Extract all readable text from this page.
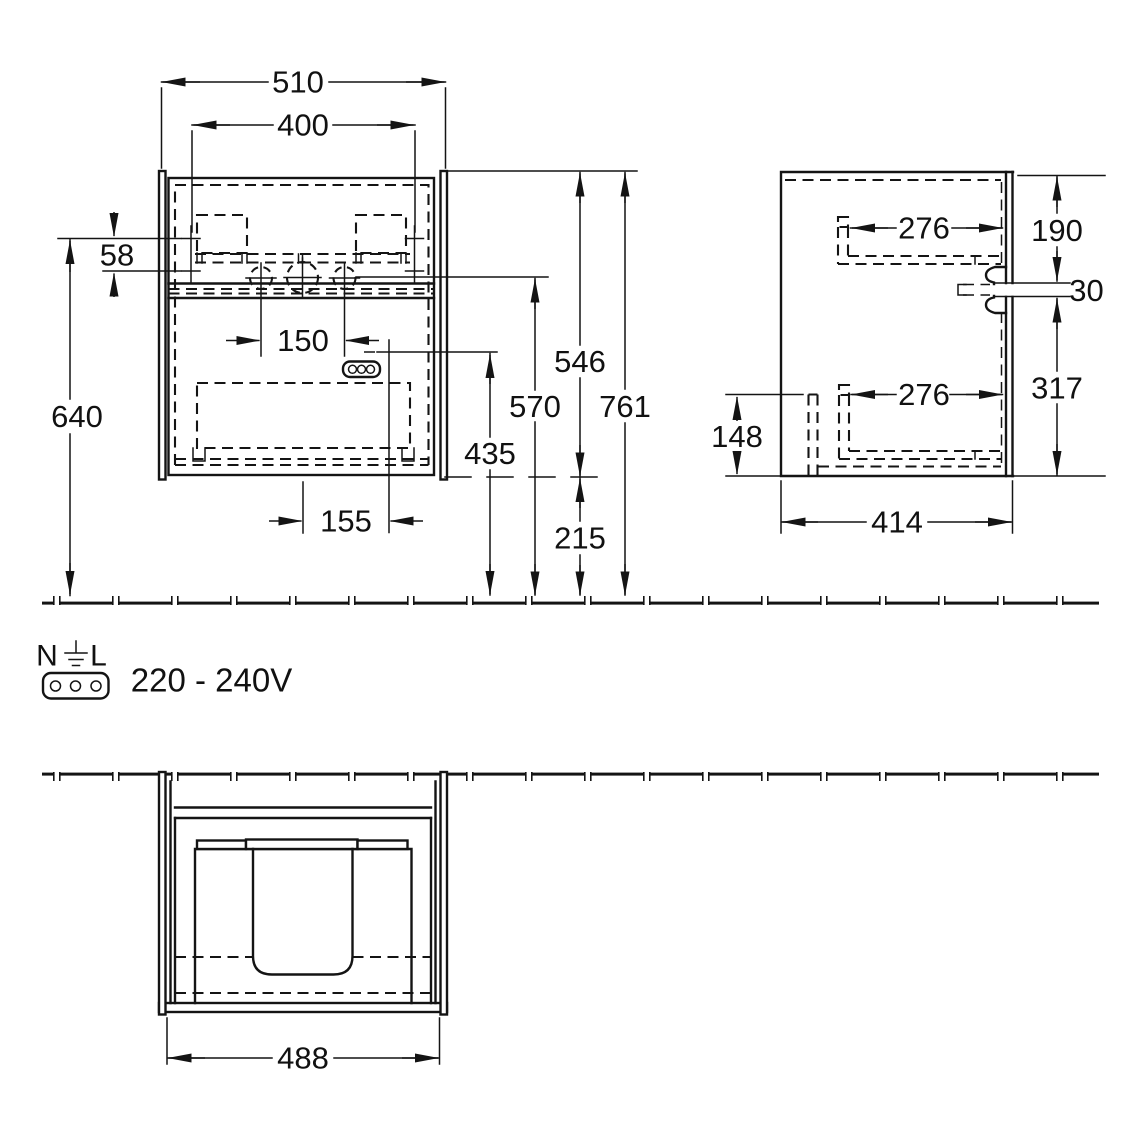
510
400
58
640
150
155
435
570
546
215
761
276	190
30
317
276
148
414
N L
220 - 240V
488
